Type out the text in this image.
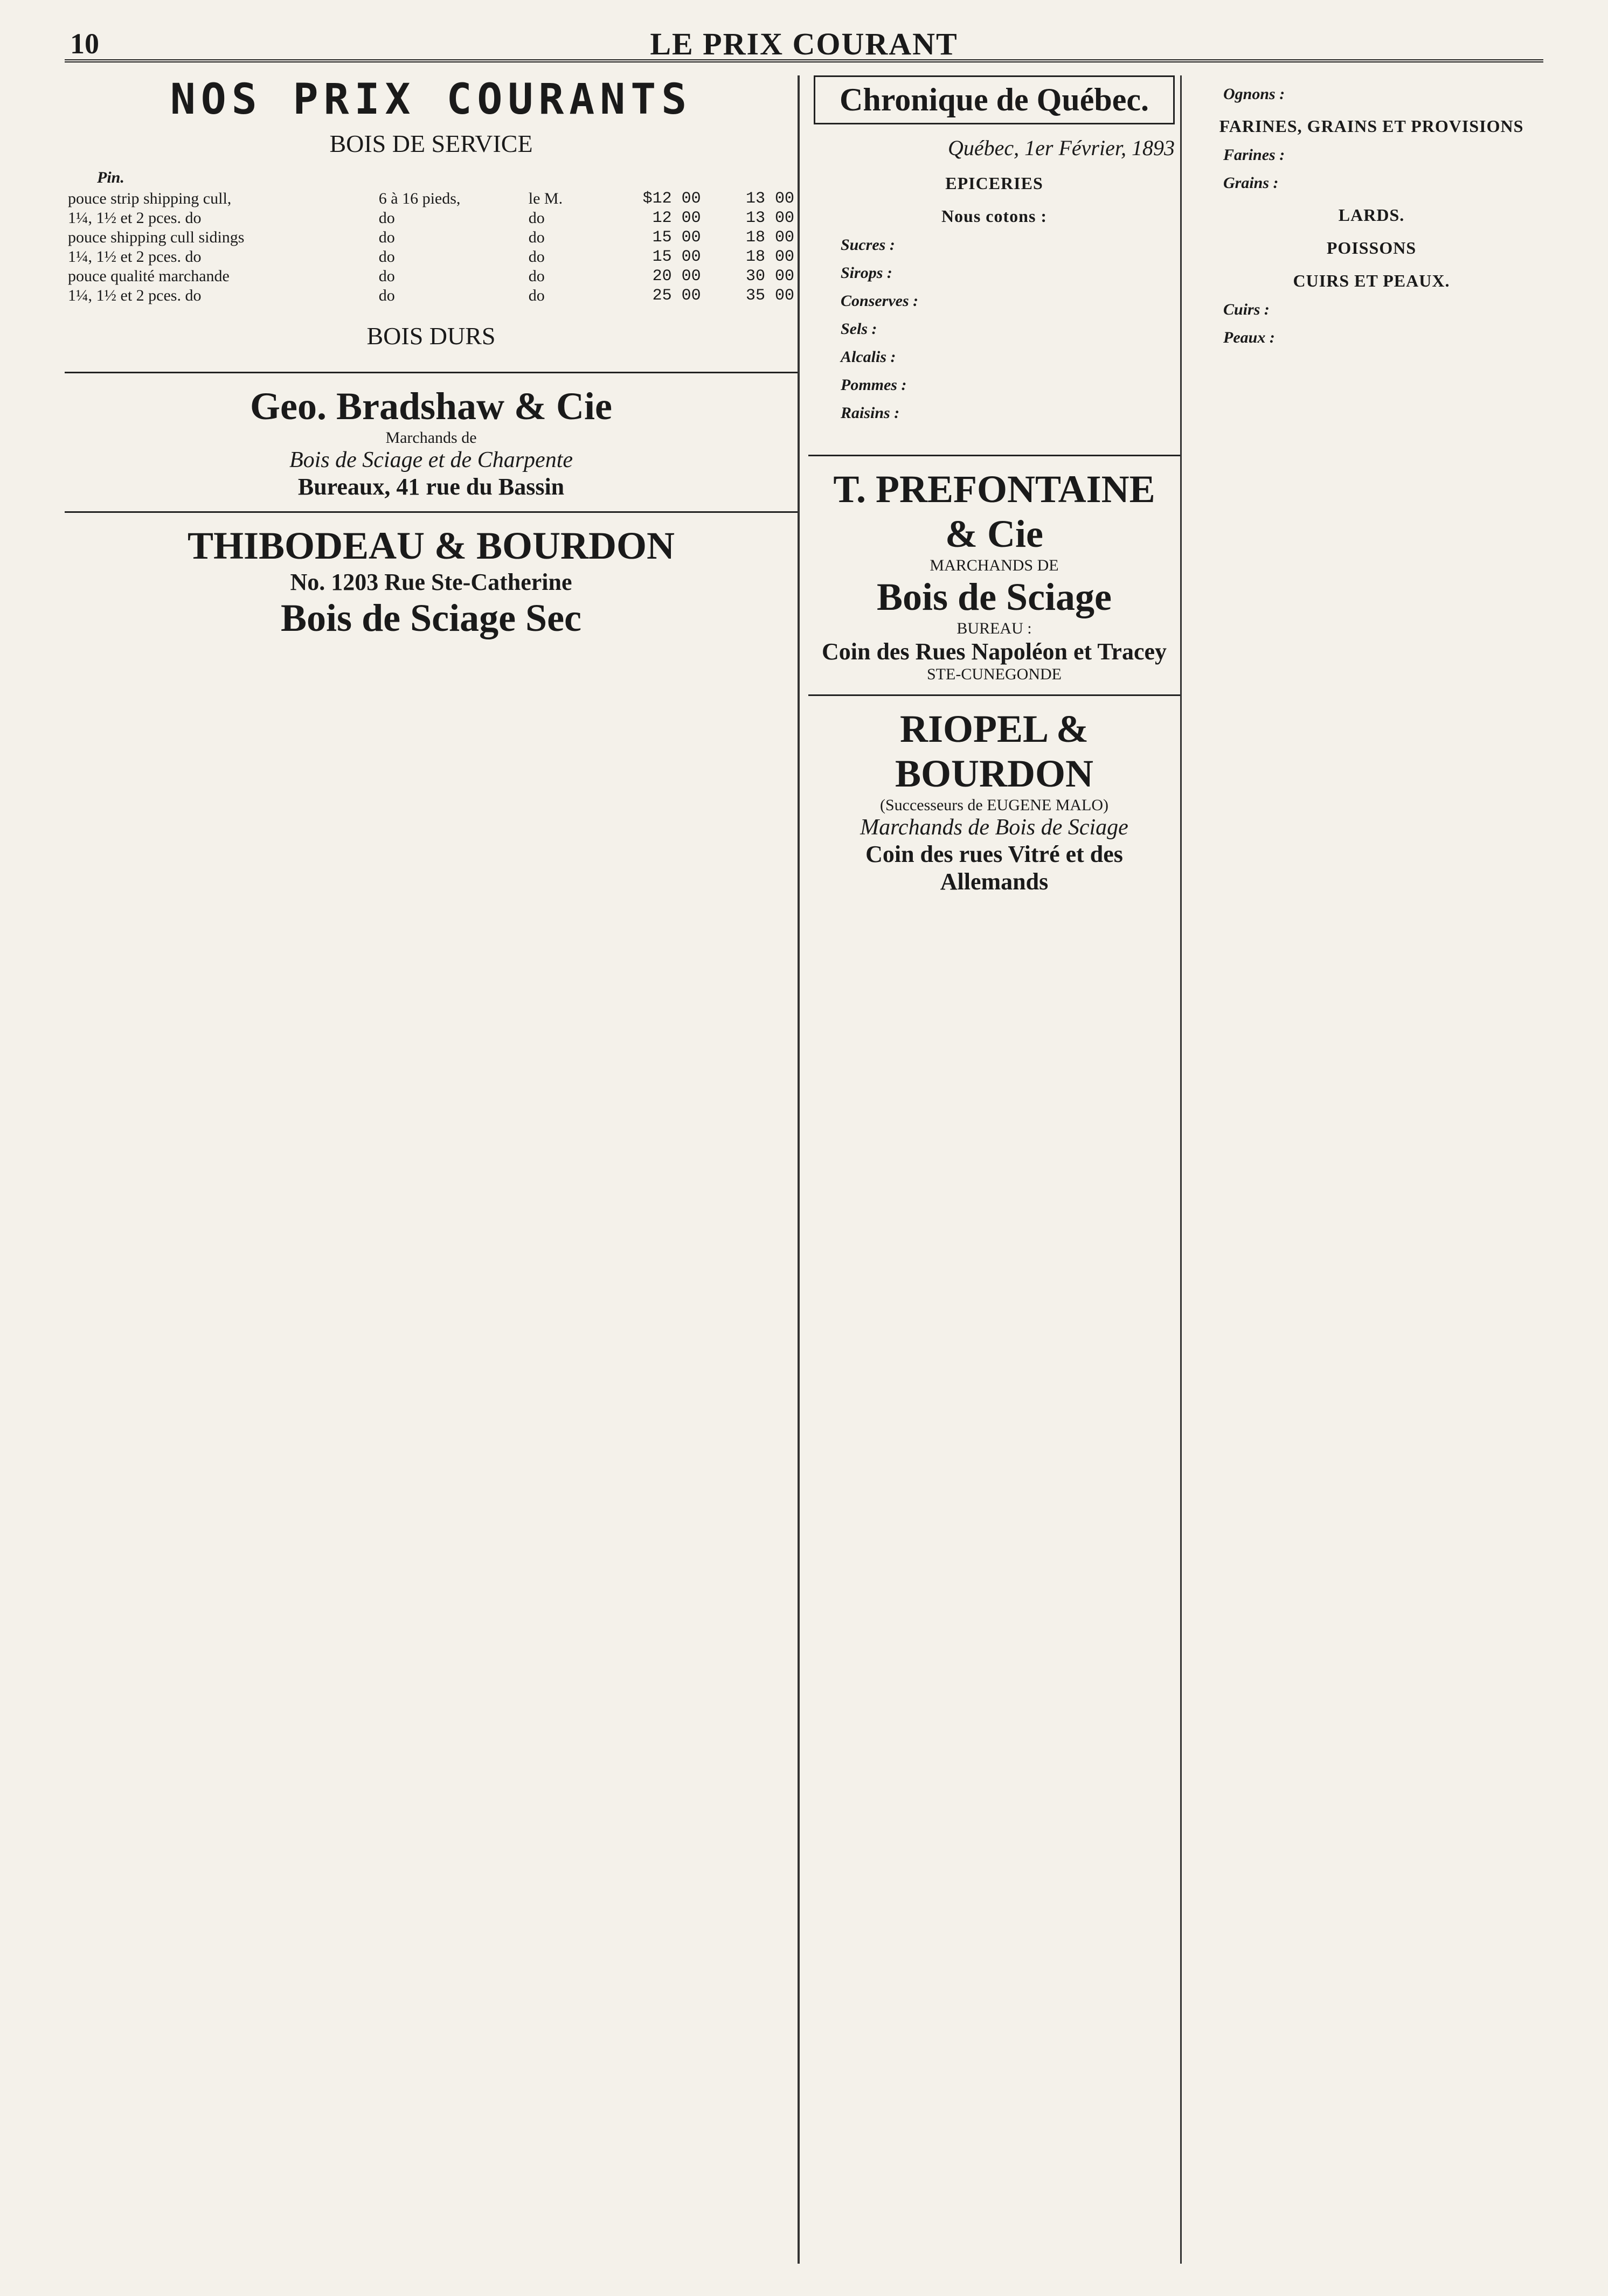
10	LE PRIX COURANT
NOS PRIX COURANTS
BOIS DE SERVICE
Pin.
pouce strip shipping cull,	6 à 16 pieds,	le M.	$12 00	13 00
1¼, 1½ et 2 pces. do	do	do	12 00	13 00
pouce shipping cull sidings	do	do	15 00	18 00
1¼, 1½ et 2 pces. do	do	do	15 00	18 00
pouce qualité marchande	do	do	20 00	30 00
1¼, 1½ et 2 pces. do	do	do	25 00	35 00
BOIS DURS
Geo. Bradshaw & Cie
Marchands de
Bois de Sciage et de Charpente
Bureaux, 41 rue du Bassin
THIBODEAU & BOURDON
No. 1203 Rue Ste-Catherine
Bois de Sciage Sec
Chronique de Québec.
Québec, 1er Février, 1893
EPICERIES
Nous cotons :
Sucres :
Sirops :
Conserves :
Sels :
Alcalis :
Pommes :
Raisins :
T. PREFONTAINE & Cie
MARCHANDS DE
Bois de Sciage
BUREAU :
Coin des Rues Napoléon et Tracey
STE-CUNEGONDE
RIOPEL & BOURDON
(Successeurs de EUGENE MALO)
Marchands de Bois de Sciage
Coin des rues Vitré et des Allemands
Ognons :
FARINES, GRAINS ET PROVISIONS
Farines :
Grains :
LARDS.
POISSONS
CUIRS ET PEAUX.
Cuirs :
Peaux :
